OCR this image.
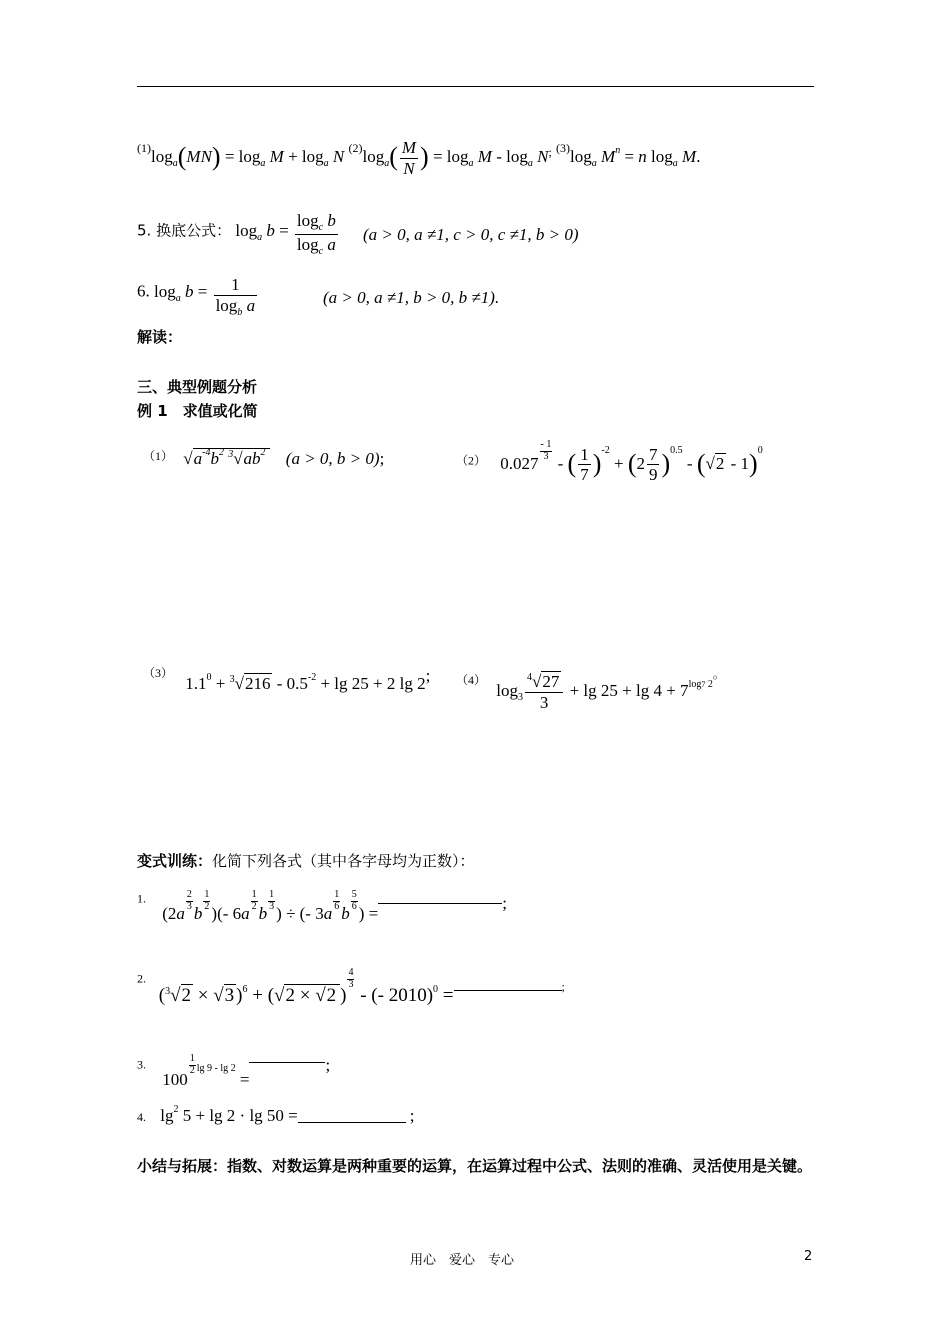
$^{(1)}\log_a(MN) = \log_a M + \log_a N$ $^{(2)}\log_a( \frac{M}{N}$ ) = $\log_a M - \log_a N^;$ $^{(3)}\log_a$ $M^n = n$ $\log_a M$.
5. 换底公式： $\log_a b = \frac{\log_c b}{\log_c a} (a > 0$, a ≠1, c > 0, c ≠1, b > 0)
6. $\log_a b = \frac{1}{\log_b a}$	(a > 0, a ≠1, b > 0, b ≠1).
解读：
三、典型例题分析
例 1　求值或化简
$^{(1)}$ $√a^{-4}b^2$ $^3√ab^2$ (a > 0, b > 0);	$^{(2)}$ 0.027
$\frac{- 1}{3}$
- ( $\frac{1}{7} )^{-2} + (2 \frac{7}{9} )^{0.5} - (√2 - 1)^0$
$^{(3)}$ $1.1^0 + ^3√216 - 0.5^{-2} + \lg 25 + 2$ lg 2; $^{(4)}$ $\log_3 \frac{^4√27}{3} + \lg 25 + \lg 4 + 7^{log7 2。}$
变式训练：化简下列各式（其中各字母均为正数）：
$^{1.}$ (2a
$\frac{2}{3}$
b
$\frac{1}{2}$
)(- 6a
$\frac{1}{2}$
b
$\frac{1}{3}$
) ÷ (- 3a
$\frac{1}{6}$
b
$\frac{5}{6}$
) =;
$^{2.}$ ($^3$√2 × √3 )$^6$ + (√2 × √2 )
$\frac{4}{3}$
- (- 2010)$^0$ =	;
3. 100
$\frac{1}{2} ^{lg 9 - lg 2}$ =;
4. $\lg^2 5 + \lg 2 \cdot \lg 50$ =	;
小结与拓展：指数、对数运算是两种重要的运算，在运算过程中公式、法则的准确、灵活使用是关键。
用心　爱心　专心	2
